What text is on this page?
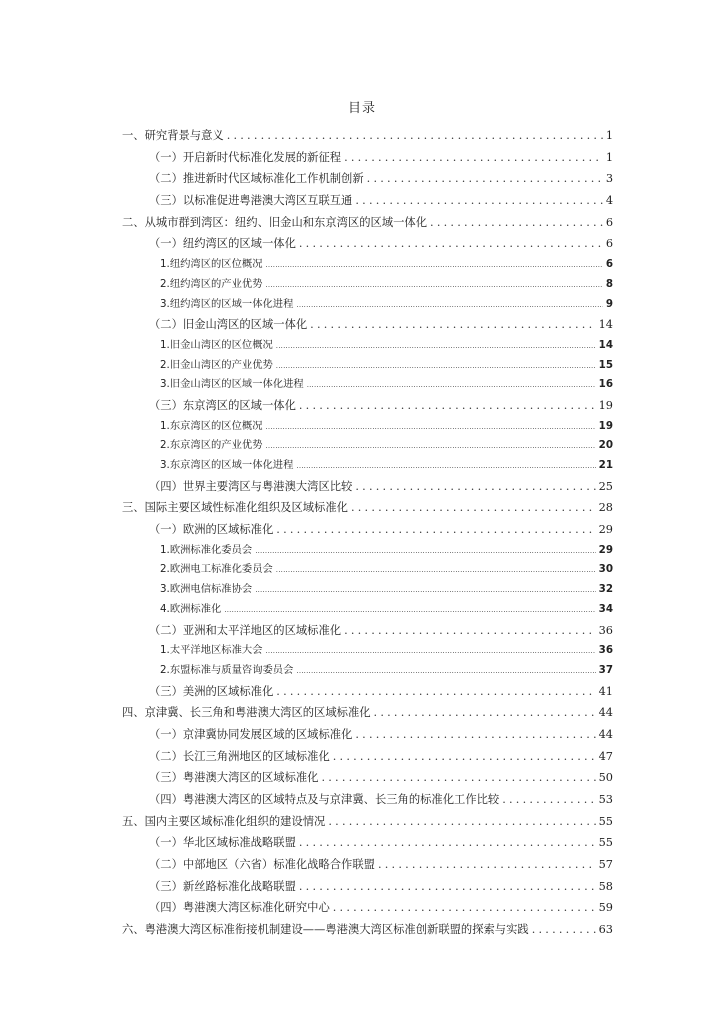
目录
一、研究背景与意义 .....	1
（一）开启新时代标准化发展的新征程 .....	1
（二）推进新时代区域标准化工作机制创新 .....	3
（三）以标准促进粤港澳大湾区互联互通 .....	4
二、从城市群到湾区：纽约、旧金山和东京湾区的区域一体化 .....	6
（一）纽约湾区的区域一体化 .....	6
1.纽约湾区的区位概况 .....	6
2.纽约湾区的产业优势 .....	8
3.纽约湾区的区域一体化进程 .....	9
（二）旧金山湾区的区域一体化 .....	14
1.旧金山湾区的区位概况 .....	14
2.旧金山湾区的产业优势 .....	15
3.旧金山湾区的区域一体化进程 .....	16
（三）东京湾区的区域一体化 .....	19
1.东京湾区的区位概况 .....	19
2.东京湾区的产业优势 .....	20
3.东京湾区的区域一体化进程 .....	21
（四）世界主要湾区与粤港澳大湾区比较 .....	25
三、国际主要区域性标准化组织及区域标准化 .....	28
（一）欧洲的区域标准化 .....	29
1.欧洲标准化委员会 .....	29
2.欧洲电工标准化委员会 .....	30
3.欧洲电信标准协会 .....	32
4.欧洲标准化 .....	34
（二）亚洲和太平洋地区的区域标准化 .....	36
1.太平洋地区标准大会 .....	36
2.东盟标准与质量咨询委员会 .....	37
（三）美洲的区域标准化 .....	41
四、京津冀、长三角和粤港澳大湾区的区域标准化 .....	44
（一）京津冀协同发展区域的区域标准化 .....	44
（二）长江三角洲地区的区域标准化 .....	47
（三）粤港澳大湾区的区域标准化 .....	50
（四）粤港澳大湾区的区域特点及与京津冀、长三角的标准化工作比较 .....	53
五、国内主要区域标准化组织的建设情况 .....	55
（一）华北区域标准战略联盟 .....	55
（二）中部地区（六省）标准化战略合作联盟 .....	57
（三）新丝路标准化战略联盟 .....	58
（四）粤港澳大湾区标准化研究中心 .....	59
六、粤港澳大湾区标准衔接机制建设——粤港澳大湾区标准创新联盟的探索与实践 .....	63
